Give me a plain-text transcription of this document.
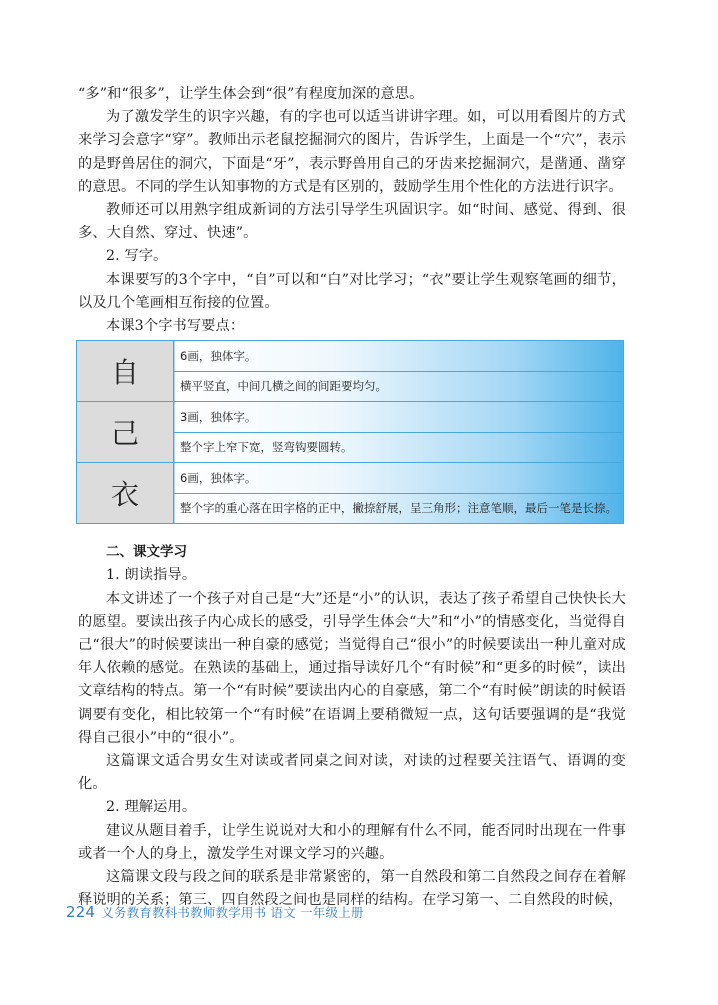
“多”和“很多”，让学生体会到“很”有程度加深的意思。

为了激发学生的识字兴趣，有的字也可以适当讲讲字理。如，可以用看图片的方式来学习会意字“穿”。教师出示老鼠挖掘洞穴的图片，告诉学生，上面是一个“穴”，表示的是野兽居住的洞穴，下面是“牙”，表示野兽用自己的牙齿来挖掘洞穴，是凿通、凿穿的意思。不同的学生认知事物的方式是有区别的，鼓励学生用个性化的方法进行识字。

教师还可以用熟字组成新词的方法引导学生巩固识字。如“时间、感觉、得到、很多、大自然、穿过、快速”。

2. 写字。

本课要写的3个字中，“自”可以和“白”对比学习；“衣”要让学生观察笔画的细节，以及几个笔画相互衔接的位置。

本课3个字书写要点：

自	6画，独体字。
	横平竖直，中间几横之间的间距要均匀。
己	3画，独体字。
	整个字上窄下宽，竖弯钩要圆转。
衣	6画，独体字。
	整个字的重心落在田字格的正中，撇捺舒展，呈三角形；注意笔顺，最后一笔是长捺。
二、课文学习

1. 朗读指导。

本文讲述了一个孩子对自己是“大”还是“小”的认识，表达了孩子希望自己快快长大的愿望。要读出孩子内心成长的感受，引导学生体会“大”和“小”的情感变化，当觉得自己“很大”的时候要读出一种自豪的感觉；当觉得自己“很小”的时候要读出一种儿童对成年人依赖的感觉。在熟读的基础上，通过指导读好几个“有时候”和“更多的时候”，读出文章结构的特点。第一个“有时候”要读出内心的自豪感，第二个“有时候”朗读的时候语调要有变化，相比较第一个“有时候”在语调上要稍微短一点，这句话要强调的是“我觉得自己很小”中的“很小”。

这篇课文适合男女生对读或者同桌之间对读，对读的过程要关注语气、语调的变化。

2. 理解运用。

建议从题目着手，让学生说说对大和小的理解有什么不同，能否同时出现在一件事或者一个人的身上，激发学生对课文学习的兴趣。

这篇课文段与段之间的联系是非常紧密的，第一自然段和第二自然段之间存在着解释说明的关系；第三、四自然段之间也是同样的结构。在学习第一、二自然段的时候，

224 义务教育教科书教师教学用书 语文 一年级上册
